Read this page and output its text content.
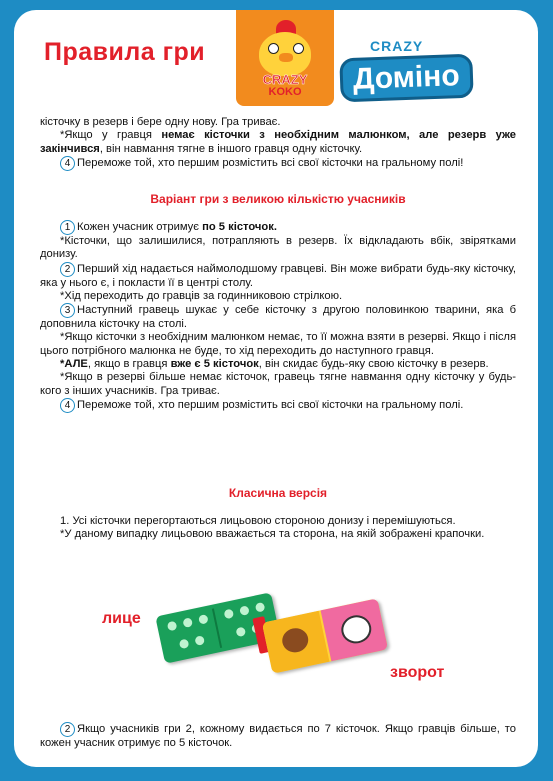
Правила гри
CRAZY
KOKO
CRAZY
Доміно

кісточку в резерв і бере одну нову. Гра триває.

*Якщо у гравця немає кісточки з необхідним малюнком, але резерв уже закінчився, він навмання тягне в іншого гравця одну кісточку.

4 Переможе той, хто першим розмістить всі свої кісточки на гральному полі!

Варіант гри з великою кількістю учасників

1 Кожен учасник отримує по 5 кісточок.

*Кісточки, що залишилися, потрапляють в резерв. Їх відкладають вбік, звірятками донизу.

2 Перший хід надається наймолодшому гравцеві. Він може вибрати будь-яку кісточку, яка у нього є, і покласти її в центрі столу.

*Хід переходить до гравців за годинниковою стрілкою.

3 Наступний гравець шукає у себе кісточку з другою половинкою тварини, яка б доповнила кісточку на столі.

*Якщо кісточки з необхідним малюнком немає, то її можна взяти в резерві. Якщо і після цього потрібного малюнка не буде, то хід переходить до наступного гравця.

*АЛЕ, якщо в гравця вже є 5 кісточок, він скидає будь-яку свою кісточку в резерв.

*Якщо в резерві більше немає кісточок, гравець тягне навмання одну кісточку у будь-кого з інших учасників. Гра триває.

4 Переможе той, хто першим розмістить всі свої кісточки на гральному полі.

Класична версія

1. Усі кісточки перегортаються лицьовою стороною донизу і перемішуються.

*У даному випадку лицьовою вважається та сторона, на якій зображені крапочки.

лице
зворот

2 Якщо учасників гри 2, кожному видається по 7 кісточок. Якщо гравців більше, то кожен учасник отримує по 5 кісточок.
